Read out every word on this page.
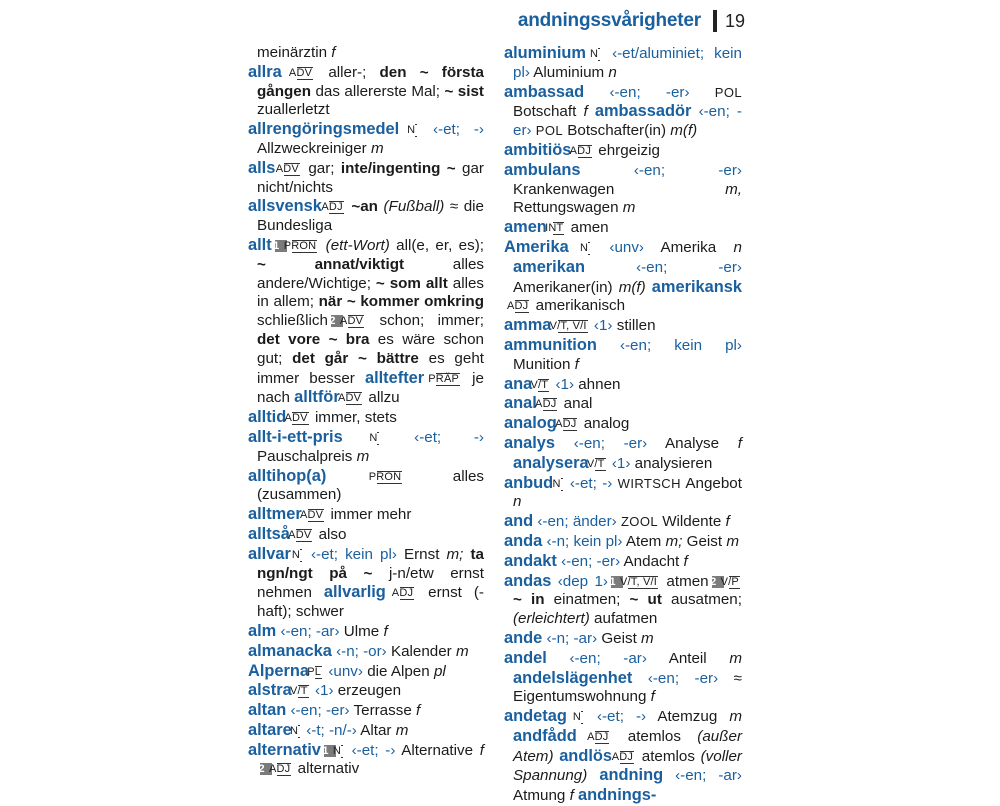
andningssvårigheter 19

meinärztin f

allra ADV aller-; den ~ första gången das allererste Mal; ~ sist zuallerletzt

allrengöringsmedel N ‹-et; -› Allzweckreiniger m

alls ADV gar; inte/ingenting ~ gar nicht/nichts

allsvensk ADJ ~an (Fußball) ≈ die Bundesliga

allt1 PRON (ett-Wort) all(e, er, es); ~ annat/viktigt	alles andere/Wichtige; ~ som allt alles in allem; när ~ kommer omkring schließlich2 ADV schon; immer; det vore ~ bra es wäre schon gut; det går ~ bättre es geht immer besser alltefter PRÄP je nach alltför ADV allzu

alltid ADV immer, stets

allt-i-ett-pris N ‹-et; -› Pauschalpreis m

alltihop(a)	PRON	alles (zusammen)

alltmer ADV immer mehr

alltså ADV also

allvar N ‹-et; kein pl› Ernst m; ta ngn/ngt på ~ j-n/etw ernst nehmen allvarlig ADJ ernst (-haft); schwer

alm ‹-en; -ar› Ulme f

almanacka ‹-n; -or› Kalender m

Alperna PL ‹unv› die Alpen pl

alstra V/T ‹1› erzeugen

altan ‹-en; -er› Terrasse f

altare N ‹-t; -n/-› Altar m

alternativ1 N ‹-et; -› Alternative f2 ADJ alternativ

aluminium N ‹-et/aluminiet; kein pl› Aluminium n

ambassad ‹-en; -er› POL Botschaft f ambassadör ‹-en; -er› POL Botschafter(in) m(f)

ambitiös ADJ ehrgeizig

ambulans	‹-en; -er› Krankenwagen	m, Rettungswagen m

amen INT amen

Amerika N ‹unv› Amerika n amerikan	‹-en; -er› Amerikaner(in) m(f) amerikansk ADJ amerikanisch

amma V/T, V/I ‹1› stillen

ammunition ‹-en; kein pl› Munition f

ana V/T ‹1› ahnen

anal ADJ anal

analog ADJ analog

analys ‹-en; -er› Analyse f analysera V/T ‹1› analysieren

anbud N ‹-et; -› WIRTSCH Angebot n

and ‹-en; änder› ZOOL Wildente f

anda ‹-n; kein pl› Atem m; Geist m

andakt ‹-en; -er› Andacht f

andas ‹dep 1›1 V/T, V/I atmen2 V/P ~ in einatmen; ~ ut ausatmen; (erleichtert) aufatmen

ande ‹-n; -ar› Geist m

andel ‹-en; -ar› Anteil m andelslägenhet ‹-en; -er› ≈ Eigentumswohnung f

andetag N ‹-et; -› Atemzug m andfådd ADJ atemlos (außer Atem) andlös ADJ atemlos (voller Spannung) andning ‹-en; -ar› Atmung f andnings-
